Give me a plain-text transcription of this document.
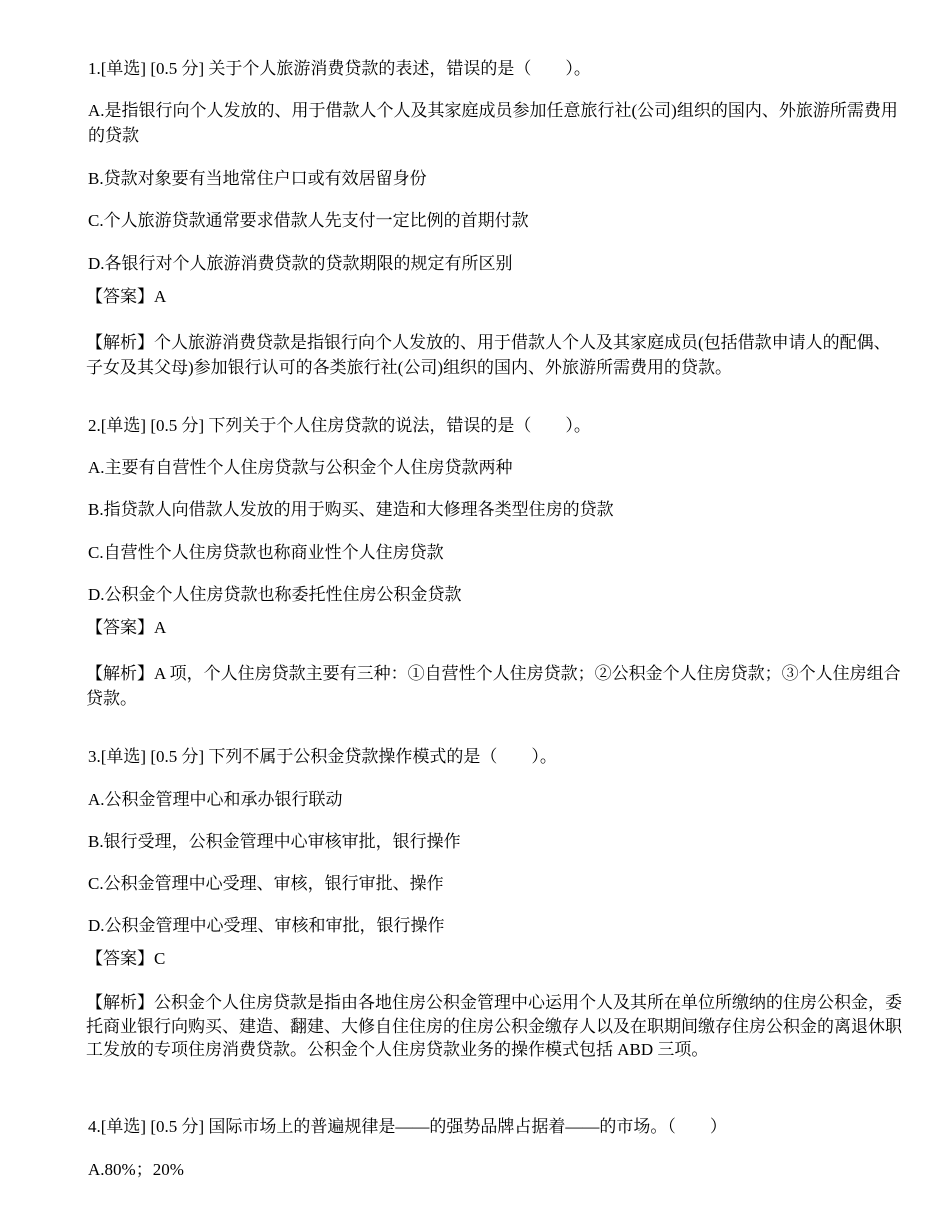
1.[单选] [0.5 分] 关于个人旅游消费贷款的表述，错误的是（　　）。
A.是指银行向个人发放的、用于借款人个人及其家庭成员参加任意旅行社(公司)组织的国内、外旅游所需费用的贷款
B.贷款对象要有当地常住户口或有效居留身份
C.个人旅游贷款通常要求借款人先支付一定比例的首期付款
D.各银行对个人旅游消费贷款的贷款期限的规定有所区别
【答案】A
【解析】个人旅游消费贷款是指银行向个人发放的、用于借款人个人及其家庭成员(包括借款申请人的配偶、子女及其父母)参加银行认可的各类旅行社(公司)组织的国内、外旅游所需费用的贷款。
2.[单选] [0.5 分] 下列关于个人住房贷款的说法，错误的是（　　）。
A.主要有自营性个人住房贷款与公积金个人住房贷款两种
B.指贷款人向借款人发放的用于购买、建造和大修理各类型住房的贷款
C.自营性个人住房贷款也称商业性个人住房贷款
D.公积金个人住房贷款也称委托性住房公积金贷款
【答案】A
【解析】A 项，个人住房贷款主要有三种：①自营性个人住房贷款；②公积金个人住房贷款；③个人住房组合贷款。
3.[单选] [0.5 分] 下列不属于公积金贷款操作模式的是（　　）。
A.公积金管理中心和承办银行联动
B.银行受理，公积金管理中心审核审批，银行操作
C.公积金管理中心受理、审核，银行审批、操作
D.公积金管理中心受理、审核和审批，银行操作
【答案】C
【解析】公积金个人住房贷款是指由各地住房公积金管理中心运用个人及其所在单位所缴纳的住房公积金，委托商业银行向购买、建造、翻建、大修自住住房的住房公积金缴存人以及在职期间缴存住房公积金的离退休职工发放的专项住房消费贷款。公积金个人住房贷款业务的操作模式包括 ABD 三项。
4.[单选] [0.5 分] 国际市场上的普遍规律是——的强势品牌占据着——的市场。（　　）
A.80%；20%
